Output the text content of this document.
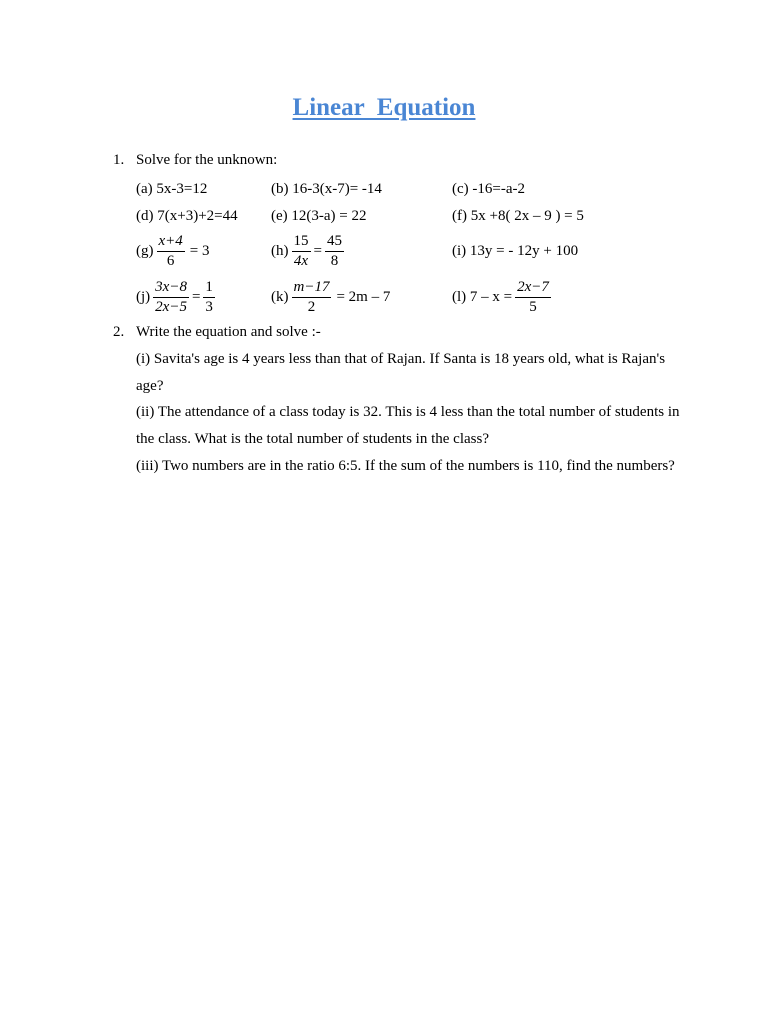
Linear  Equation
1. Solve for the unknown:
(a) 5x-3=12	(b) 16-3(x-7)= -14	(c) -16=-a-2
(d) 7(x+3)+2=44 (e) 12(3-a) = 22	(f) 5x +8( 2x – 9 ) = 5
$(g) \frac{x+4}{6} = 3$	$(h) \frac{15}{4x} = \frac{45}{8}$	(i) 13y = - 12y + 100
$(j) \frac{3x-8}{2x-5} = \frac{1}{3}$	$(k) \frac{m-17}{2} = 2m - 7$	(l) $7 - x = \frac{2x-7}{5}$
2. Write the equation and solve :-
(i) Savita's age is 4 years less than that of Rajan. If Santa is 18 years old, what is Rajan's age?
(ii) The attendance of a class today is 32. This is 4 less than the total number of students in the class. What is the total number of students in the class?
(iii) Two numbers are in the ratio 6:5. If the sum of the numbers is 110, find the numbers?
